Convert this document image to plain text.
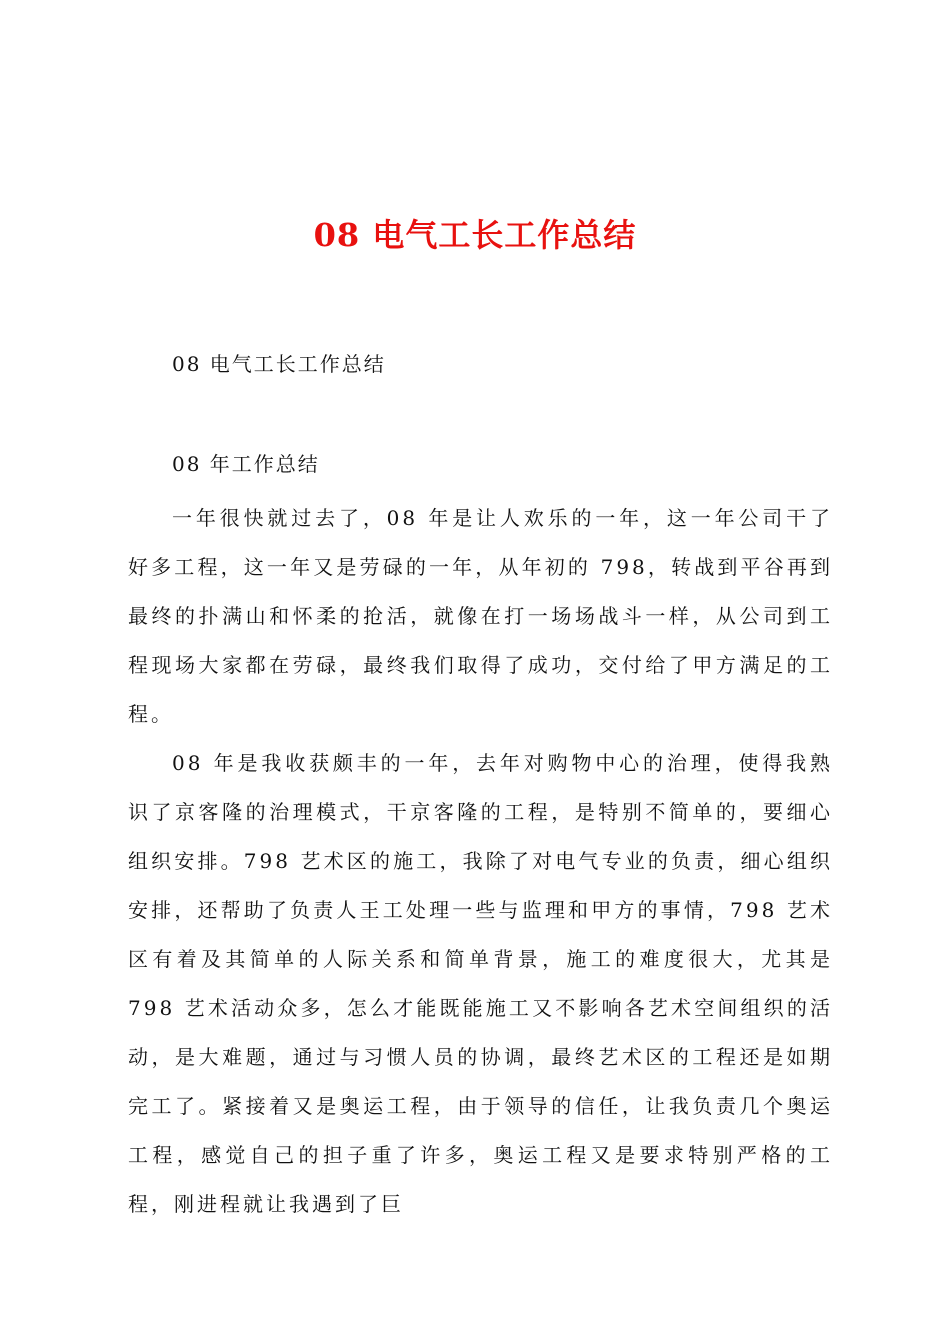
08 电气工长工作总结
08 电气工长工作总结
08 年工作总结

一年很快就过去了，08 年是让人欢乐的一年，这一年公司干了好多工程，这一年又是劳碌的一年，从年初的 798，转战到平谷再到最终的扑满山和怀柔的抢活，就像在打一场场战斗一样，从公司到工程现场大家都在劳碌，最终我们取得了成功，交付给了甲方满足的工程。

08 年是我收获颇丰的一年，去年对购物中心的治理，使得我熟识了京客隆的治理模式，干京客隆的工程，是特别不简单的，要细心组织安排。798 艺术区的施工，我除了对电气专业的负责，细心组织安排，还帮助了负责人王工处理一些与监理和甲方的事情，798 艺术区有着及其简单的人际关系和简单背景，施工的难度很大，尤其是 798 艺术活动众多，怎么才能既能施工又不影响各艺术空间组织的活动，是大难题，通过与习惯人员的协调，最终艺术区的工程还是如期完工了。紧接着又是奥运工程，由于领导的信任，让我负责几个奥运工程，感觉自己的担子重了许多，奥运工程又是要求特别严格的工程，刚进程就让我遇到了巨
